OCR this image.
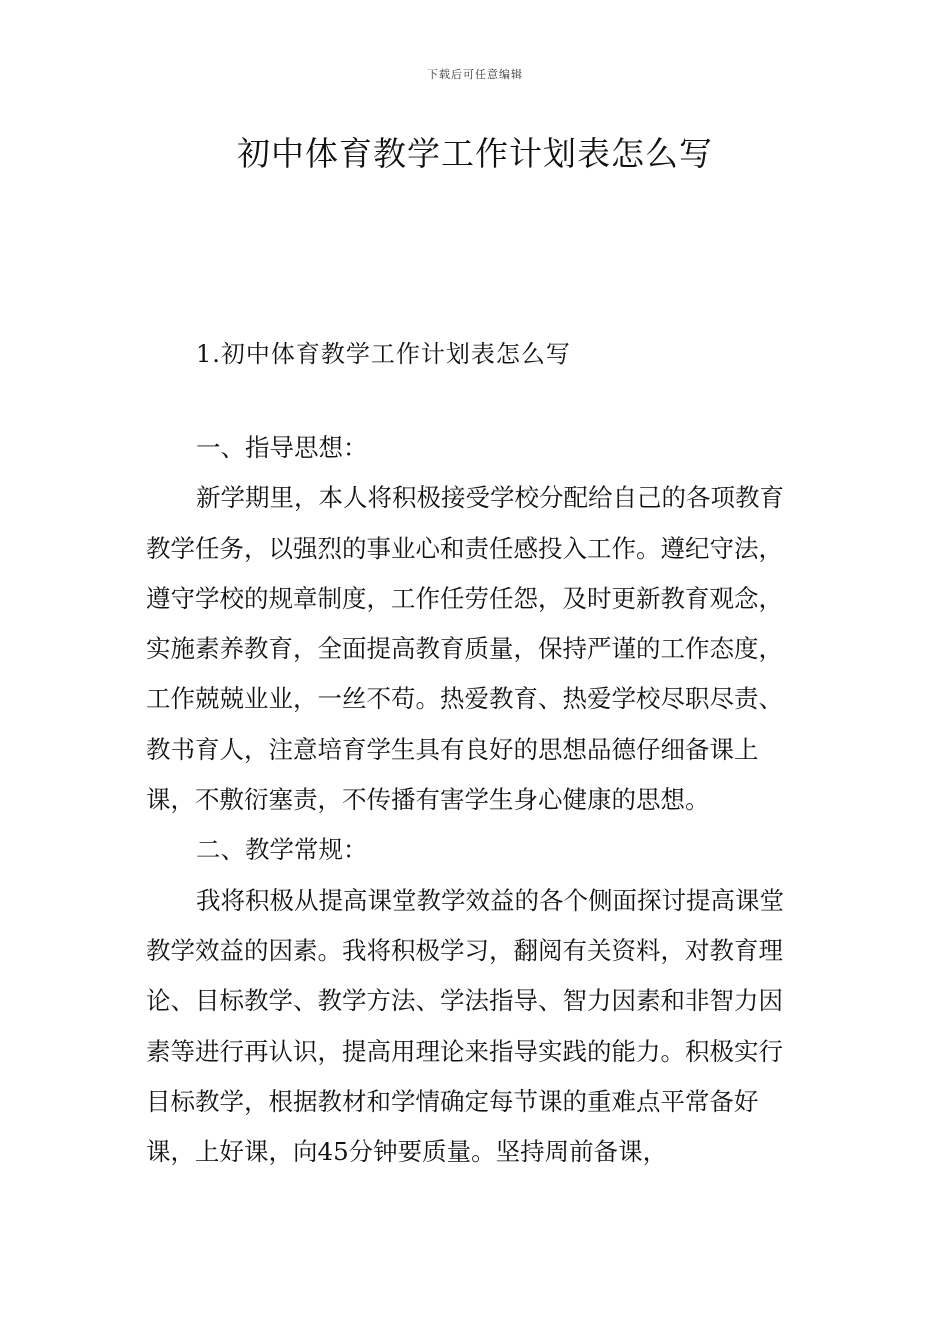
下载后可任意编辑
初中体育教学工作计划表怎么写
1.初中体育教学工作计划表怎么写

一、指导思想：

新学期里，本人将积极接受学校分配给自己的各项教育教学任务，以强烈的事业心和责任感投入工作。遵纪守法，遵守学校的规章制度，工作任劳任怨，及时更新教育观念，实施素养教育，全面提高教育质量，保持严谨的工作态度，工作兢兢业业，一丝不苟。热爱教育、热爱学校尽职尽责、教书育人，注意培育学生具有良好的思想品德仔细备课上课，不敷衍塞责，不传播有害学生身心健康的思想。

二、教学常规：

我将积极从提高课堂教学效益的各个侧面探讨提高课堂教学效益的因素。我将积极学习，翻阅有关资料，对教育理论、目标教学、教学方法、学法指导、智力因素和非智力因素等进行再认识，提高用理论来指导实践的能力。积极实行目标教学，根据教材和学情确定每节课的重难点平常备好课，上好课，向45分钟要质量。坚持周前备课，
